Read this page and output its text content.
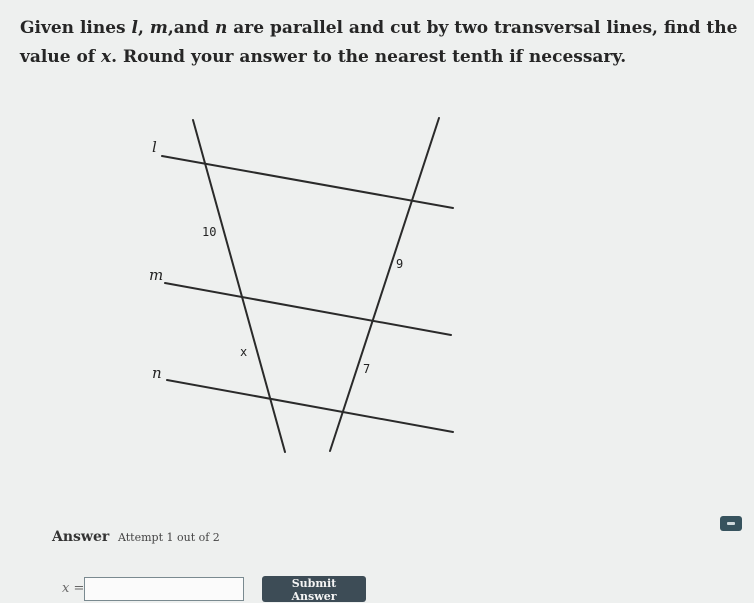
Given lines l, m,and n are parallel and cut by two transversal lines, find the value of x. Round your answer to the nearest tenth if necessary.
l
m
n
10
9
x
7
Answer Attempt 1 out of 2
x =	Submit Answer
